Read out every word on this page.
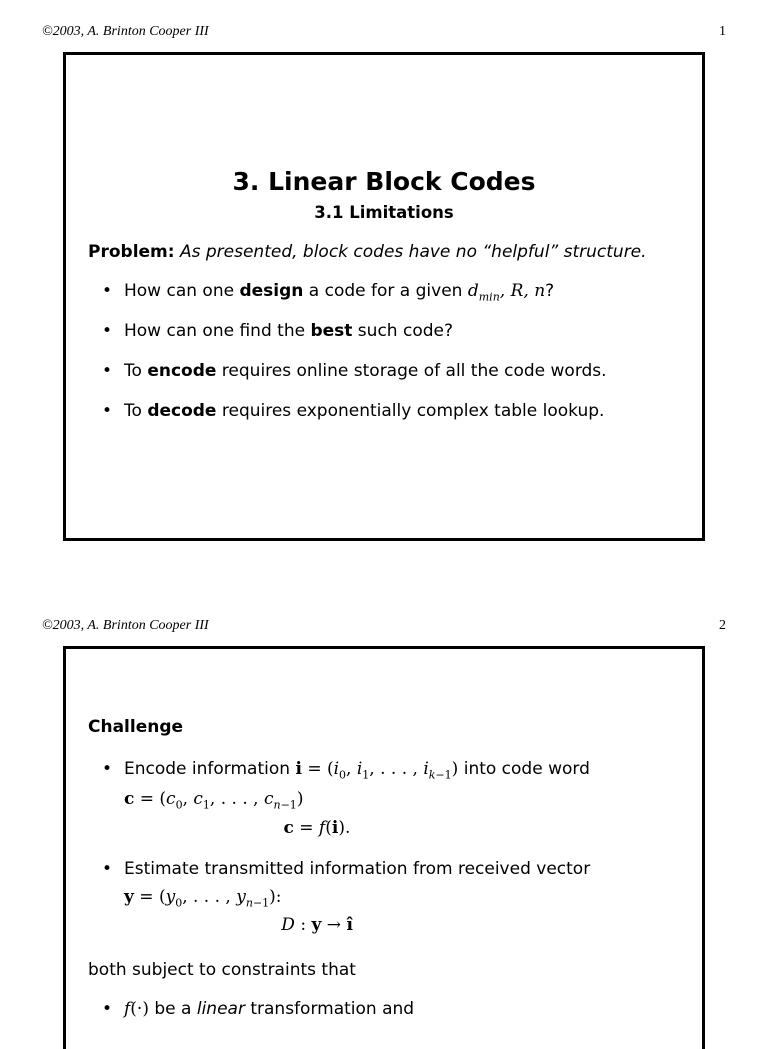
©2003, A. Brinton Cooper III	1
3. Linear Block Codes
3.1 Limitations
Problem: As presented, block codes have no “helpful” structure.
• How can one design a code for a given $d_{min}$, R, n?
• How can one find the best such code?
• To encode requires online storage of all the code words.
• To decode requires exponentially complex table lookup.
©2003, A. Brinton Cooper III	2
Challenge
• Encode information $i = (i_0$, $i_1$, . . . , $i_{k-1}$) into code word
$c = (c_0$, $c_1$, . . . , $c_{n-1}$)
c = f(i).
• Estimate transmitted information from received vector
$y = (y_0$, . . . , $y_{n-1}$):
D : y → î
both subject to constraints that
• f(·) be a linear transformation and
